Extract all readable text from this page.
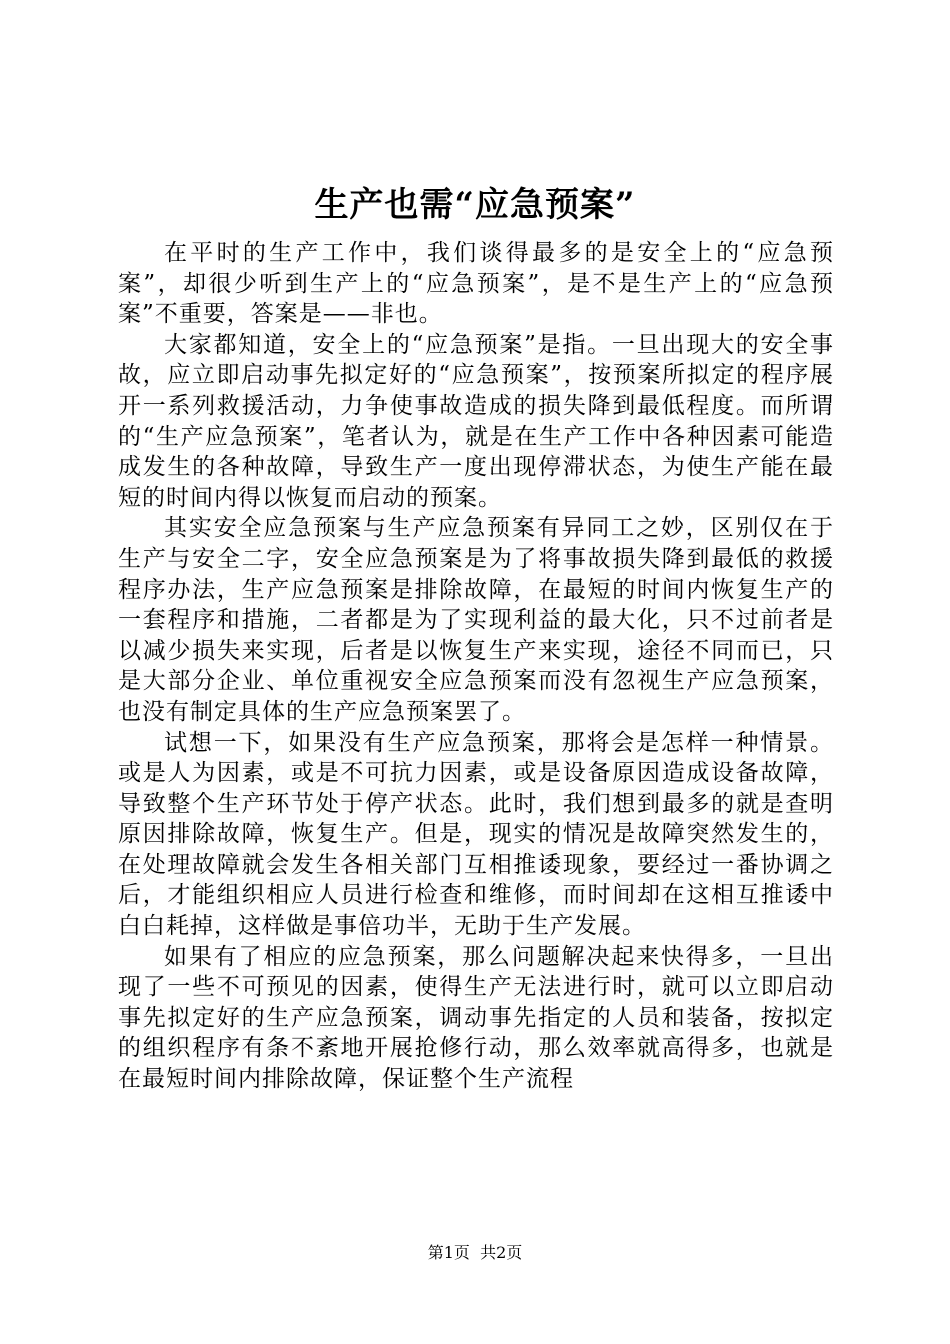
生产也需“应急预案”

在平时的生产工作中，我们谈得最多的是安全上的“应急预案”，却很少听到生产上的“应急预案”，是不是生产上的“应急预案”不重要，答案是——非也。

大家都知道，安全上的“应急预案”是指。一旦出现大的安全事故，应立即启动事先拟定好的“应急预案”，按预案所拟定的程序展开一系列救援活动，力争使事故造成的损失降到最低程度。而所谓的“生产应急预案”，笔者认为，就是在生产工作中各种因素可能造成发生的各种故障，导致生产一度出现停滞状态，为使生产能在最短的时间内得以恢复而启动的预案。

其实安全应急预案与生产应急预案有异同工之妙，区别仅在于生产与安全二字，安全应急预案是为了将事故损失降到最低的救援程序办法，生产应急预案是排除故障，在最短的时间内恢复生产的一套程序和措施，二者都是为了实现利益的最大化，只不过前者是以减少损失来实现，后者是以恢复生产来实现，途径不同而已，只是大部分企业、单位重视安全应急预案而没有忽视生产应急预案，也没有制定具体的生产应急预案罢了。

试想一下，如果没有生产应急预案，那将会是怎样一种情景。或是人为因素，或是不可抗力因素，或是设备原因造成设备故障，导致整个生产环节处于停产状态。此时，我们想到最多的就是查明原因排除故障，恢复生产。但是，现实的情况是故障突然发生的，在处理故障就会发生各相关部门互相推诿现象，要经过一番协调之后，才能组织相应人员进行检查和维修，而时间却在这相互推诿中白白耗掉，这样做是事倍功半，无助于生产发展。

如果有了相应的应急预案，那么问题解决起来快得多，一旦出现了一些不可预见的因素，使得生产无法进行时，就可以立即启动事先拟定好的生产应急预案，调动事先指定的人员和装备，按拟定的组织程序有条不紊地开展抢修行动，那么效率就高得多，也就是在最短时间内排除故障，保证整个生产流程

第1页  共2页
